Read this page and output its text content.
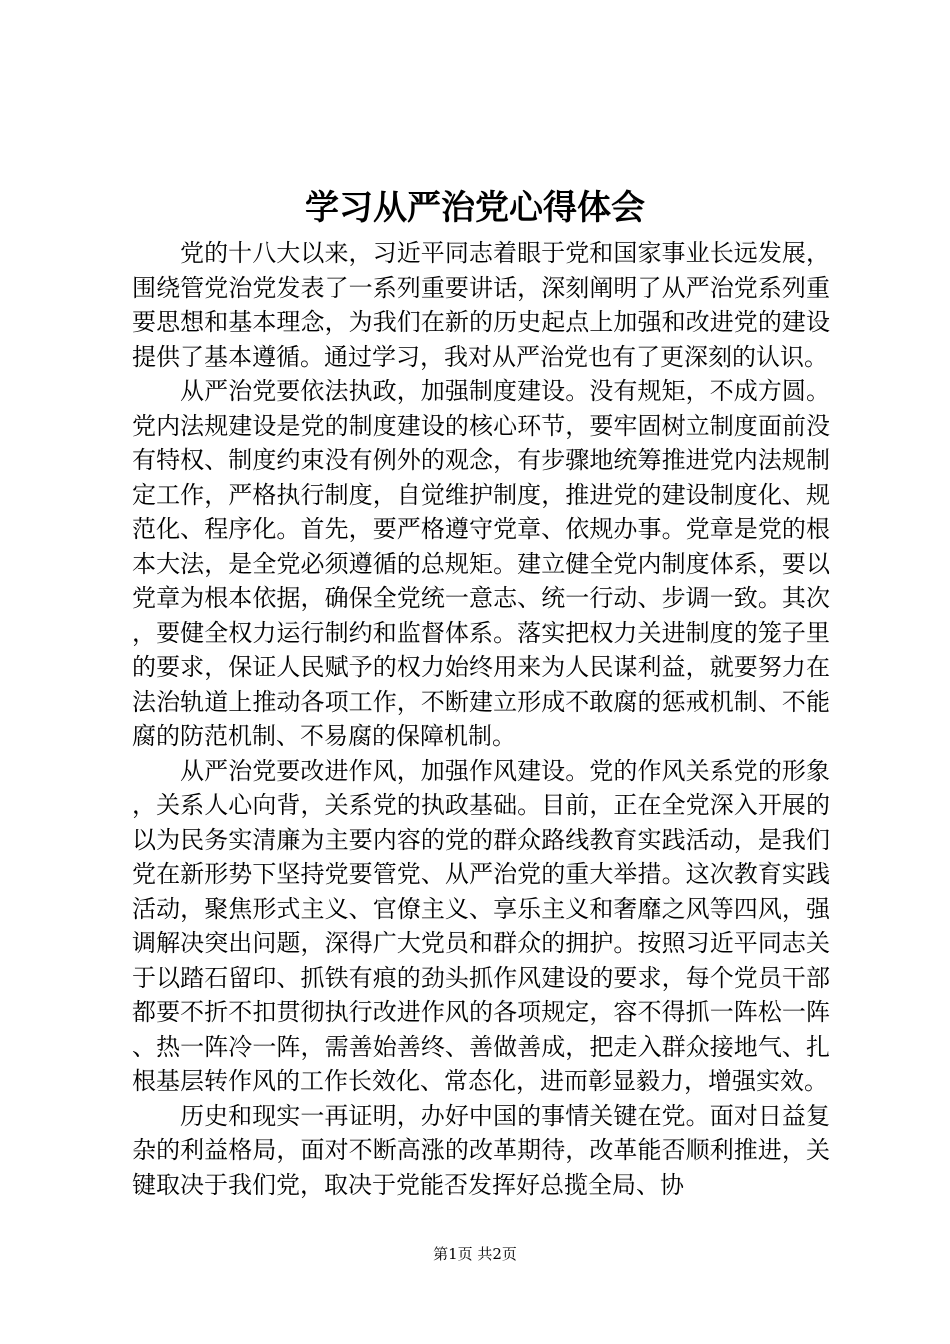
学习从严治党心得体会

党的十八大以来，习近平同志着眼于党和国家事业长远发展，围绕管党治党发表了一系列重要讲话，深刻阐明了从严治党系列重要思想和基本理念，为我们在新的历史起点上加强和改进党的建设提供了基本遵循。通过学习，我对从严治党也有了更深刻的认识。

从严治党要依法执政，加强制度建设。没有规矩，不成方圆。党内法规建设是党的制度建设的核心环节，要牢固树立制度面前没有特权、制度约束没有例外的观念，有步骤地统筹推进党内法规制定工作，严格执行制度，自觉维护制度，推进党的建设制度化、规范化、程序化。首先，要严格遵守党章、依规办事。党章是党的根本大法，是全党必须遵循的总规矩。建立健全党内制度体系，要以党章为根本依据，确保全党统一意志、统一行动、步调一致。其次，要健全权力运行制约和监督体系。落实把权力关进制度的笼子里的要求，保证人民赋予的权力始终用来为人民谋利益，就要努力在法治轨道上推动各项工作，不断建立形成不敢腐的惩戒机制、不能腐的防范机制、不易腐的保障机制。

从严治党要改进作风，加强作风建设。党的作风关系党的形象，关系人心向背，关系党的执政基础。目前，正在全党深入开展的以为民务实清廉为主要内容的党的群众路线教育实践活动，是我们党在新形势下坚持党要管党、从严治党的重大举措。这次教育实践活动，聚焦形式主义、官僚主义、享乐主义和奢靡之风等四风，强调解决突出问题，深得广大党员和群众的拥护。按照习近平同志关于以踏石留印、抓铁有痕的劲头抓作风建设的要求，每个党员干部都要不折不扣贯彻执行改进作风的各项规定，容不得抓一阵松一阵、热一阵冷一阵，需善始善终、善做善成，把走入群众接地气、扎根基层转作风的工作长效化、常态化，进而彰显毅力，增强实效。

历史和现实一再证明，办好中国的事情关键在党。面对日益复杂的利益格局，面对不断高涨的改革期待，改革能否顺利推进，关键取决于我们党，取决于党能否发挥好总揽全局、协

第1页 共2页
